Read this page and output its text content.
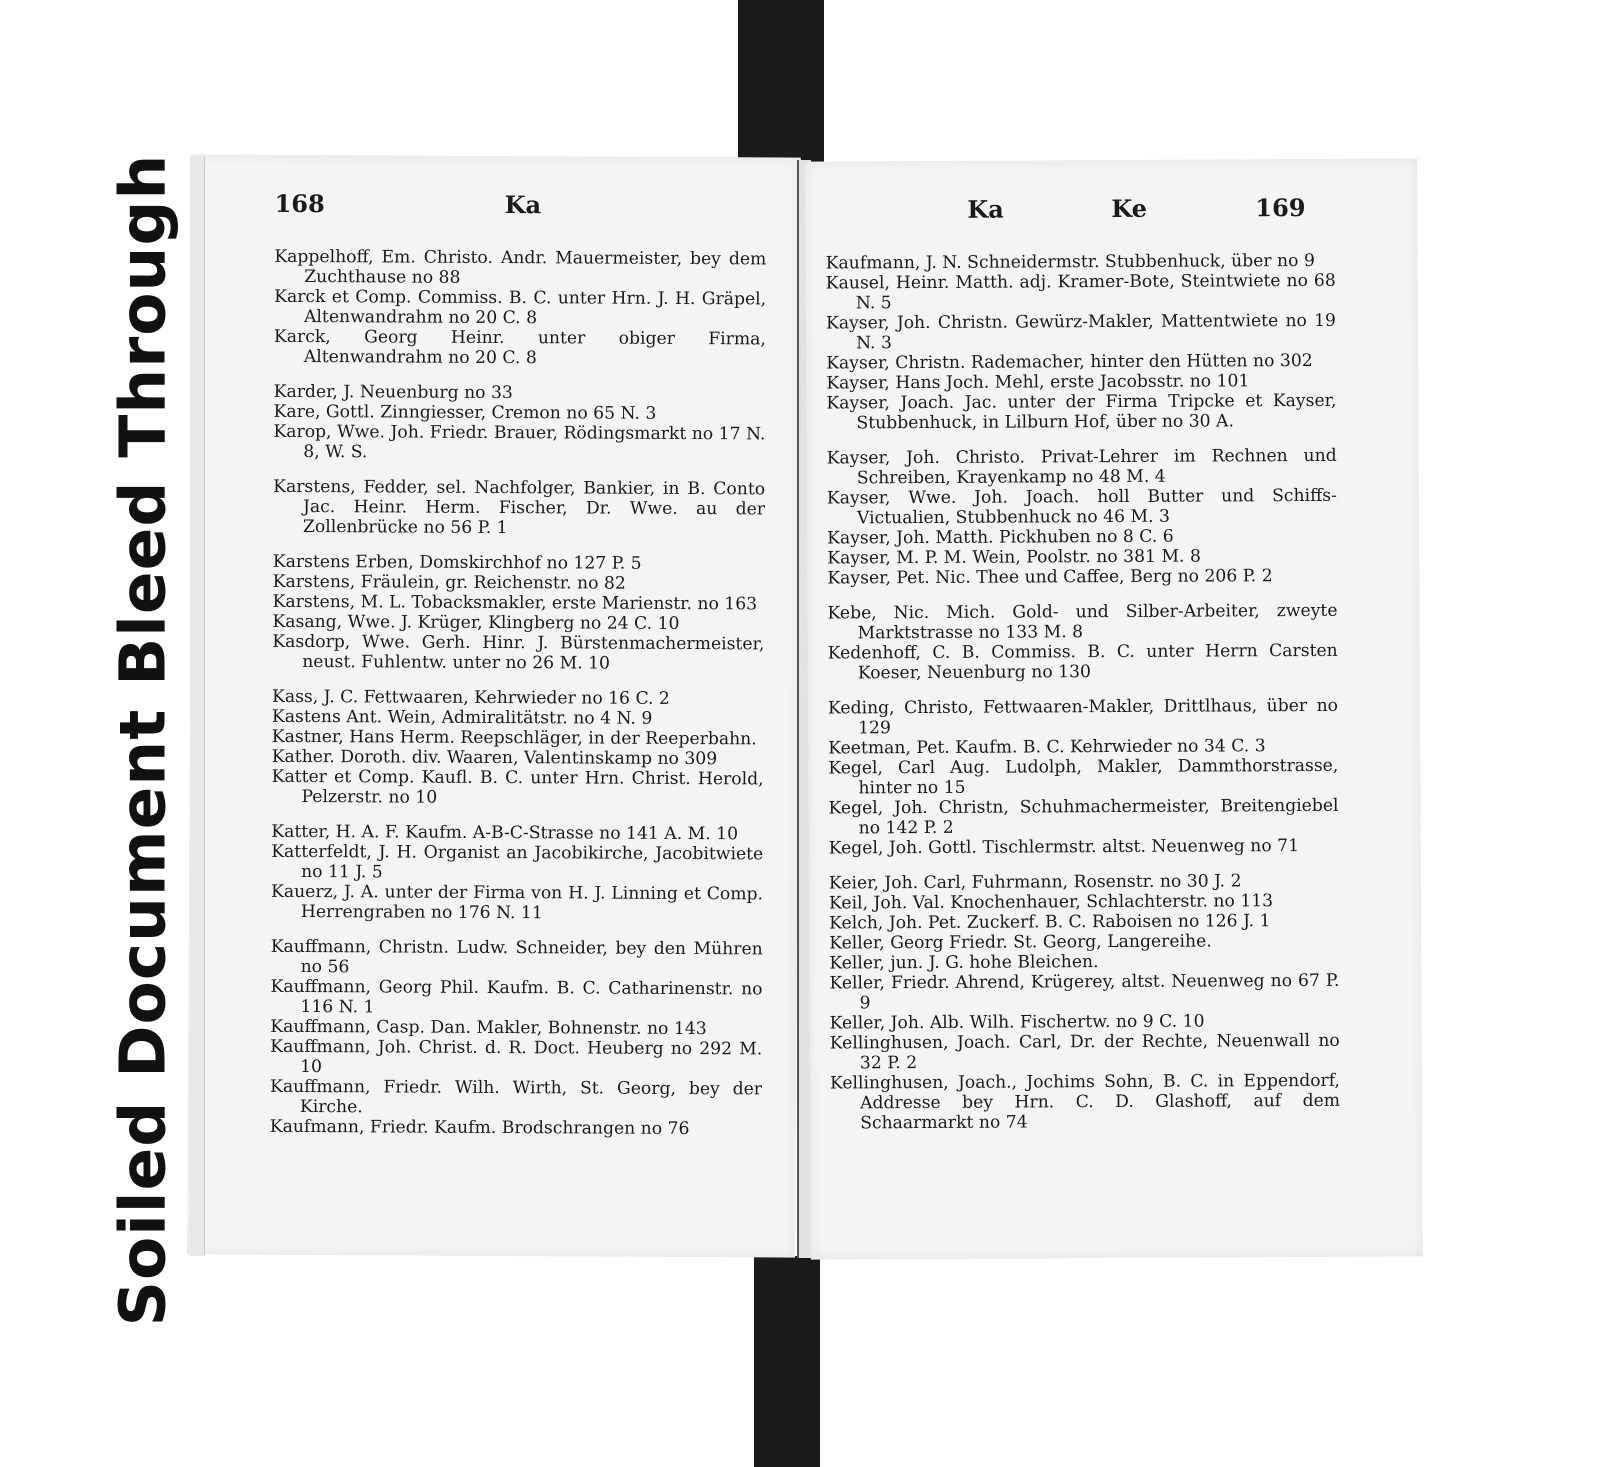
Soiled Document Bleed Through	168	Ka
Kappelhoff, Em. Christo. Andr. Mauermeister, bey dem Zuchthause no 88
Karck et Comp. Commiss. B. C. unter Hrn. J. H. Gräpel, Altenwandrahm no 20 C. 8
Karck, Georg Heinr. unter obiger Firma, Altenwandrahm no 20 C. 8
Karder, J. Neuenburg no 33
Kare, Gottl. Zinngiesser, Cremon no 65 N. 3
Karop, Wwe. Joh. Friedr. Brauer, Rödingsmarkt no 17 N. 8, W. S.
Karstens, Fedder, sel. Nachfolger, Bankier, in B. Conto Jac. Heinr. Herm. Fischer, Dr. Wwe. au der Zollenbrücke no 56 P. 1
Karstens Erben, Domskirchhof no 127 P. 5
Karstens, Fräulein, gr. Reichenstr. no 82
Karstens, M. L. Tobacksmakler, erste Marienstr. no 163
Kasang, Wwe. J. Krüger, Klingberg no 24 C. 10
Kasdorp, Wwe. Gerh. Hinr. J. Bürstenmachermeister, neust. Fuhlentw. unter no 26 M. 10
Kass, J. C. Fettwaaren, Kehrwieder no 16 C. 2
Kastens Ant. Wein, Admiralitätstr. no 4 N. 9
Kastner, Hans Herm. Reepschläger, in der Reeperbahn.
Kather. Doroth. div. Waaren, Valentinskamp no 309
Katter et Comp. Kaufl. B. C. unter Hrn. Christ. Herold, Pelzerstr. no 10
Katter, H. A. F. Kaufm. A-B-C-Strasse no 141 A. M. 10
Katterfeldt, J. H. Organist an Jacobikirche, Jacobitwiete no 11 J. 5
Kauerz, J. A. unter der Firma von H. J. Linning et Comp. Herrengraben no 176 N. 11
Kauffmann, Christn. Ludw. Schneider, bey den Mühren no 56
Kauffmann, Georg Phil. Kaufm. B. C. Catharinenstr. no 116 N. 1
Kauffmann, Casp. Dan. Makler, Bohnenstr. no 143
Kauffmann, Joh. Christ. d. R. Doct. Heuberg no 292 M. 10
Kauffmann, Friedr. Wilh. Wirth, St. Georg, bey der Kirche.
Kaufmann, Friedr. Kaufm. Brodschrangen no 76
Ka	Ke	169
Kaufmann, J. N. Schneidermstr. Stubbenhuck, über no 9
Kausel, Heinr. Matth. adj. Kramer-Bote, Steintwiete no 68 N. 5
Kayser, Joh. Christn. Gewürz-Makler, Mattentwiete no 19 N. 3
Kayser, Christn. Rademacher, hinter den Hütten no 302
Kayser, Hans Joch. Mehl, erste Jacobsstr. no 101
Kayser, Joach. Jac. unter der Firma Tripcke et Kayser, Stubbenhuck, in Lilburn Hof, über no 30 A.
Kayser, Joh. Christo. Privat-Lehrer im Rechnen und Schreiben, Krayenkamp no 48 M. 4
Kayser, Wwe. Joh. Joach. holl Butter und Schiffs-Victualien, Stubbenhuck no 46 M. 3
Kayser, Joh. Matth. Pickhuben no 8 C. 6
Kayser, M. P. M. Wein, Poolstr. no 381 M. 8
Kayser, Pet. Nic. Thee und Caffee, Berg no 206 P. 2
Kebe, Nic. Mich. Gold- und Silber-Arbeiter, zweyte Marktstrasse no 133 M. 8
Kedenhoff, C. B. Commiss. B. C. unter Herrn Carsten Koeser, Neuenburg no 130
Keding, Christo, Fettwaaren-Makler, Drittlhaus, über no 129
Keetman, Pet. Kaufm. B. C. Kehrwieder no 34 C. 3
Kegel, Carl Aug. Ludolph, Makler, Dammthorstrasse, hinter no 15
Kegel, Joh. Christn, Schuhmachermeister, Breitengiebel no 142 P. 2
Kegel, Joh. Gottl. Tischlermstr. altst. Neuenweg no 71
Keier, Joh. Carl, Fuhrmann, Rosenstr. no 30 J. 2
Keil, Joh. Val. Knochenhauer, Schlachterstr. no 113
Kelch, Joh. Pet. Zuckerf. B. C. Raboisen no 126 J. 1
Keller, Georg Friedr. St. Georg, Langereihe.
Keller, jun. J. G. hohe Bleichen.
Keller, Friedr. Ahrend, Krügerey, altst. Neuenweg no 67 P. 9
Keller, Joh. Alb. Wilh. Fischertw. no 9 C. 10
Kellinghusen, Joach. Carl, Dr. der Rechte, Neuenwall no 32 P. 2
Kellinghusen, Joach., Jochims Sohn, B. C. in Eppendorf, Addresse bey Hrn. C. D. Glashoff, auf dem Schaarmarkt no 74
